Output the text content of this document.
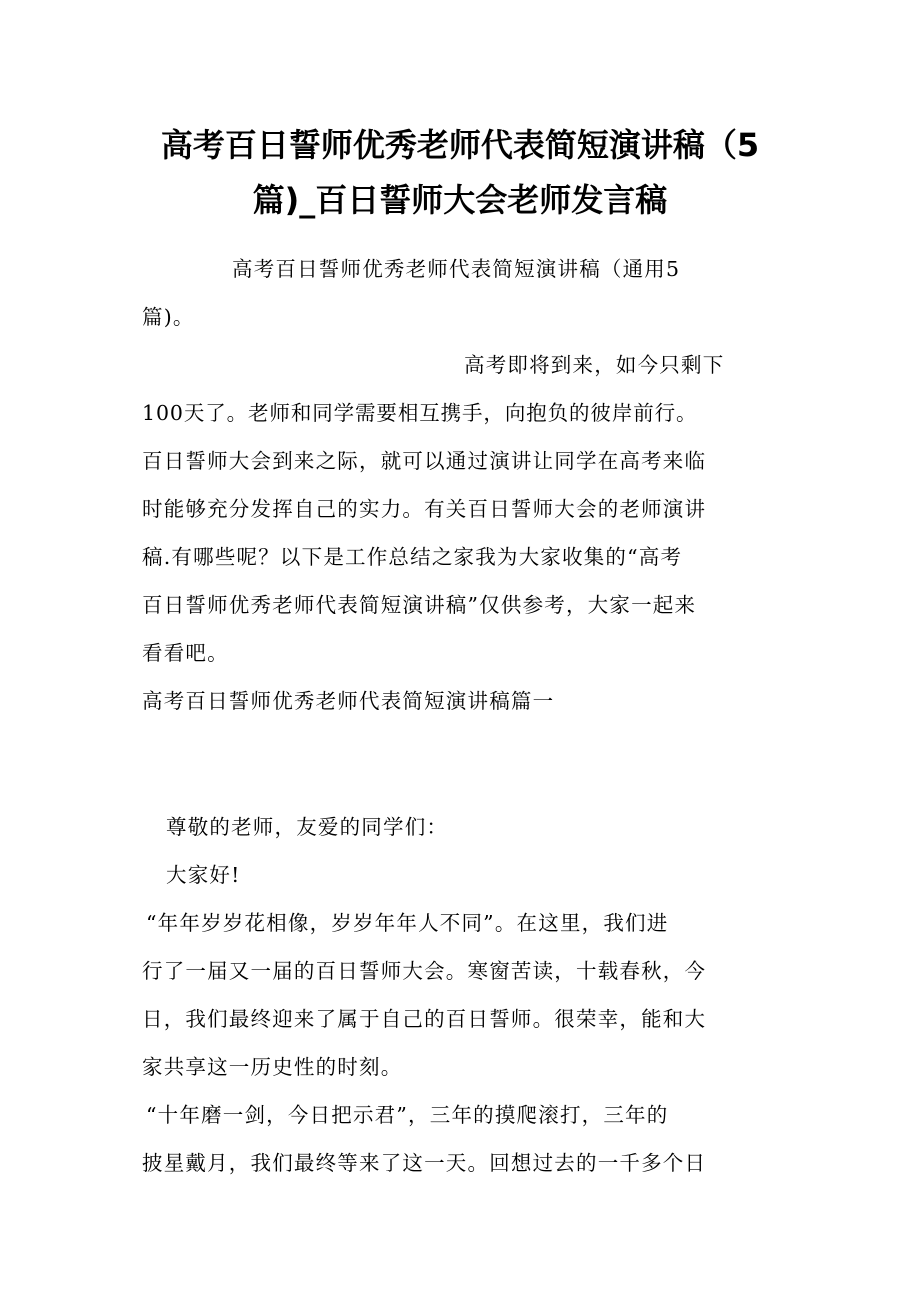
高考百日誓师优秀老师代表简短演讲稿（5
篇)_百日誓师大会老师发言稿
高考百日誓师优秀老师代表简短演讲稿（通用5
篇)。
高考即将到来，如今只剩下
100天了。老师和同学需要相互携手，向抱负的彼岸前行。
百日誓师大会到来之际，就可以通过演讲让同学在高考来临
时能够充分发挥自己的实力。有关百日誓师大会的老师演讲
稿.有哪些呢？以下是工作总结之家我为大家收集的“高考
百日誓师优秀老师代表简短演讲稿”仅供参考，大家一起来
看看吧。
高考百日誓师优秀老师代表简短演讲稿篇一
尊敬的老师，友爱的同学们：
大家好!
“年年岁岁花相像，岁岁年年人不同”。在这里，我们进
行了一届又一届的百日誓师大会。寒窗苦读，十载春秋，今
日，我们最终迎来了属于自己的百日誓师。很荣幸，能和大
家共享这一历史性的时刻。
“十年磨一剑，今日把示君”，三年的摸爬滚打，三年的
披星戴月，我们最终等来了这一天。回想过去的一千多个日
